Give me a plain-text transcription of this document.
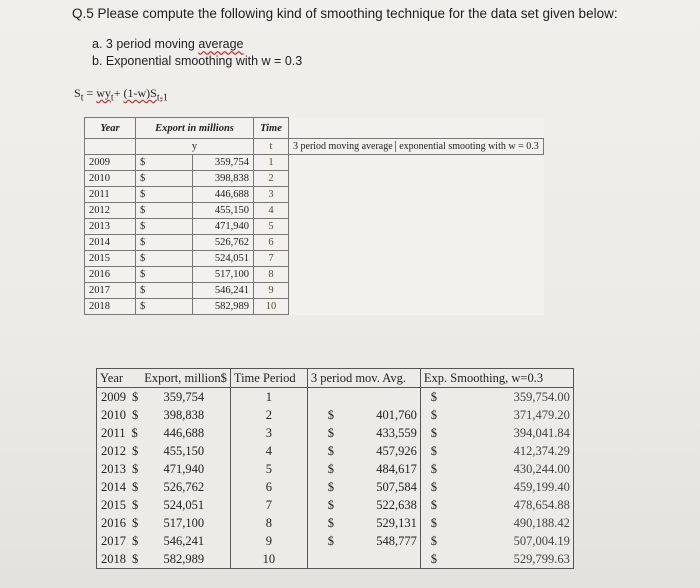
Q.5 Please compute the following kind of smoothing technique for the data set given below:
a. 3 period moving average
b. Exponential smoothing with w = 0.3
$S_t = wy_t+ (1-w)S_{t-1}$
Year	Export in millions		Time	
	y		t	3 period moving average exponential smooting with w = 0.3
2009	$	359,754	1	
2010	$	398,838	2	
2011	$	446,688	3	
2012	$	455,150	4	
2013	$	471,940	5	
2014	$	526,762	6	
2015	$	524,051	7	
2016	$	517,100	8	
2017	$	546,241	9	
2018	$	582,989	10	
Year	Export, million$		Time Period	3 period mov. Avg.		Exp. Smoothing, w=0.3	
2009 $	359,754		1			$	359,754.00
2010 $	398,838		2	$	401,760	$	371,479.20
2011 $	446,688		3	$	433,559	$	394,041.84
2012 $	455,150		4	$	457,926	$	412,374.29
2013 $	471,940		5	$	484,617	$	430,244.00
2014 $	526,762		6	$	507,584	$	459,199.40
2015 $	524,051		7	$	522,638	$	478,654.88
2016 $	517,100		8	$	529,131	$	490,188.42
2017 $	546,241		9	$	548,777	$	507,004.19
2018 $	582,989		10			$	529,799.63
